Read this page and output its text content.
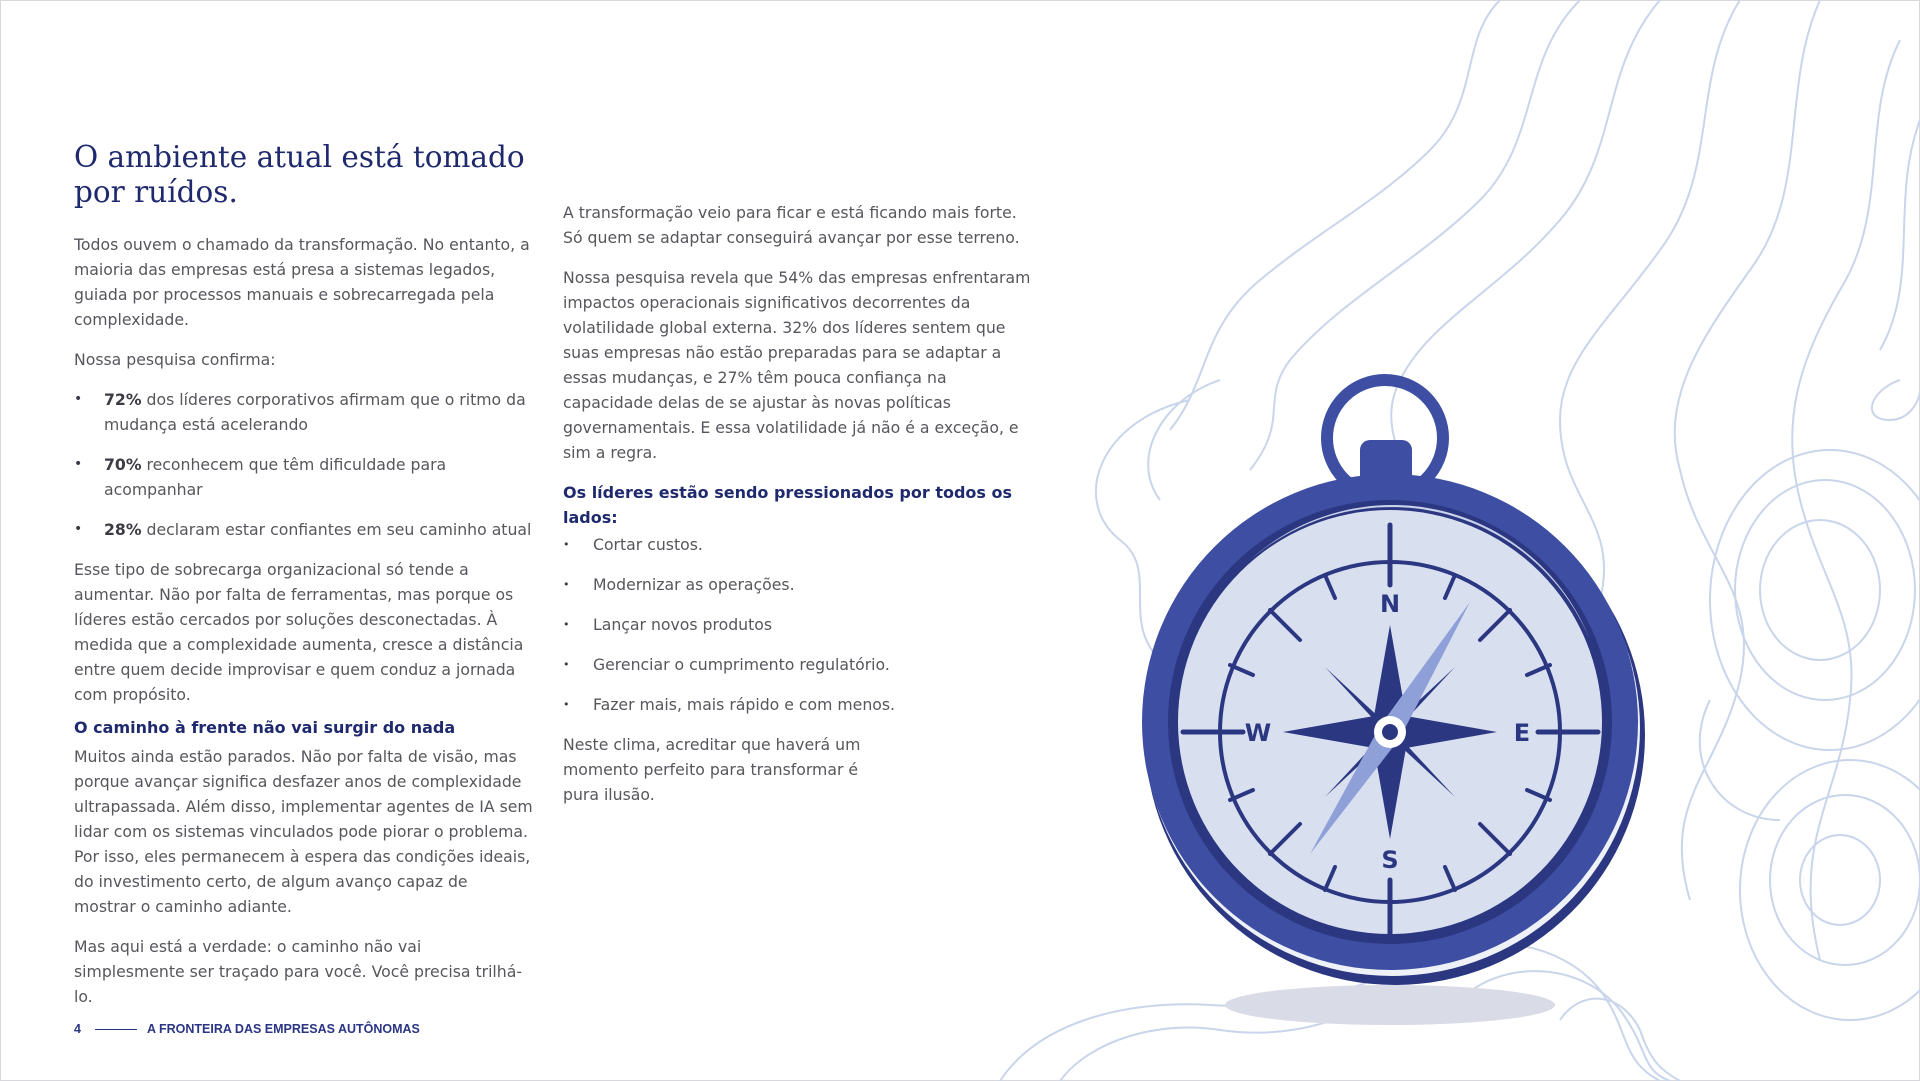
N
S
E
W
O ambiente atual está tomado por ruídos.

Todos ouvem o chamado da transformação. No entanto, a maioria das empresas está presa a sistemas legados, guiada por processos manuais e sobrecarregada pela complexidade.

Nossa pesquisa confirma:

• 72% dos líderes corporativos afirmam que o ritmo da mudança está acelerando
• 70% reconhecem que têm dificuldade para acompanhar
• 28% declaram estar confiantes em seu caminho atual

Esse tipo de sobrecarga organizacional só tende a aumentar. Não por falta de ferramentas, mas porque os líderes estão cercados por soluções desconectadas. À medida que a complexidade aumenta, cresce a distância entre quem decide improvisar e quem conduz a jornada com propósito.

O caminho à frente não vai surgir do nada

Muitos ainda estão parados. Não por falta de visão, mas porque avançar significa desfazer anos de complexidade ultrapassada. Além disso, implementar agentes de IA sem lidar com os sistemas vinculados pode piorar o problema. Por isso, eles permanecem à espera das condições ideais, do investimento certo, de algum avanço capaz de mostrar o caminho adiante.

Mas aqui está a verdade: o caminho não vai simplesmente ser traçado para você. Você precisa trilhá-lo.

A transformação veio para ficar e está ficando mais forte. Só quem se adaptar conseguirá avançar por esse terreno.

Nossa pesquisa revela que 54% das empresas enfrentaram impactos operacionais significativos decorrentes da volatilidade global externa. 32% dos líderes sentem que suas empresas não estão preparadas para se adaptar a essas mudanças, e 27% têm pouca confiança na capacidade delas de se ajustar às novas políticas governamentais. E essa volatilidade já não é a exceção, e sim a regra.

Os líderes estão sendo pressionados por todos os lados:
• Cortar custos.
• Modernizar as operações.
• Lançar novos produtos
• Gerenciar o cumprimento regulatório.
• Fazer mais, mais rápido e com menos.

Neste clima, acreditar que haverá um momento perfeito para transformar é pura ilusão.

4	A FRONTEIRA DAS EMPRESAS AUTÔNOMAS
